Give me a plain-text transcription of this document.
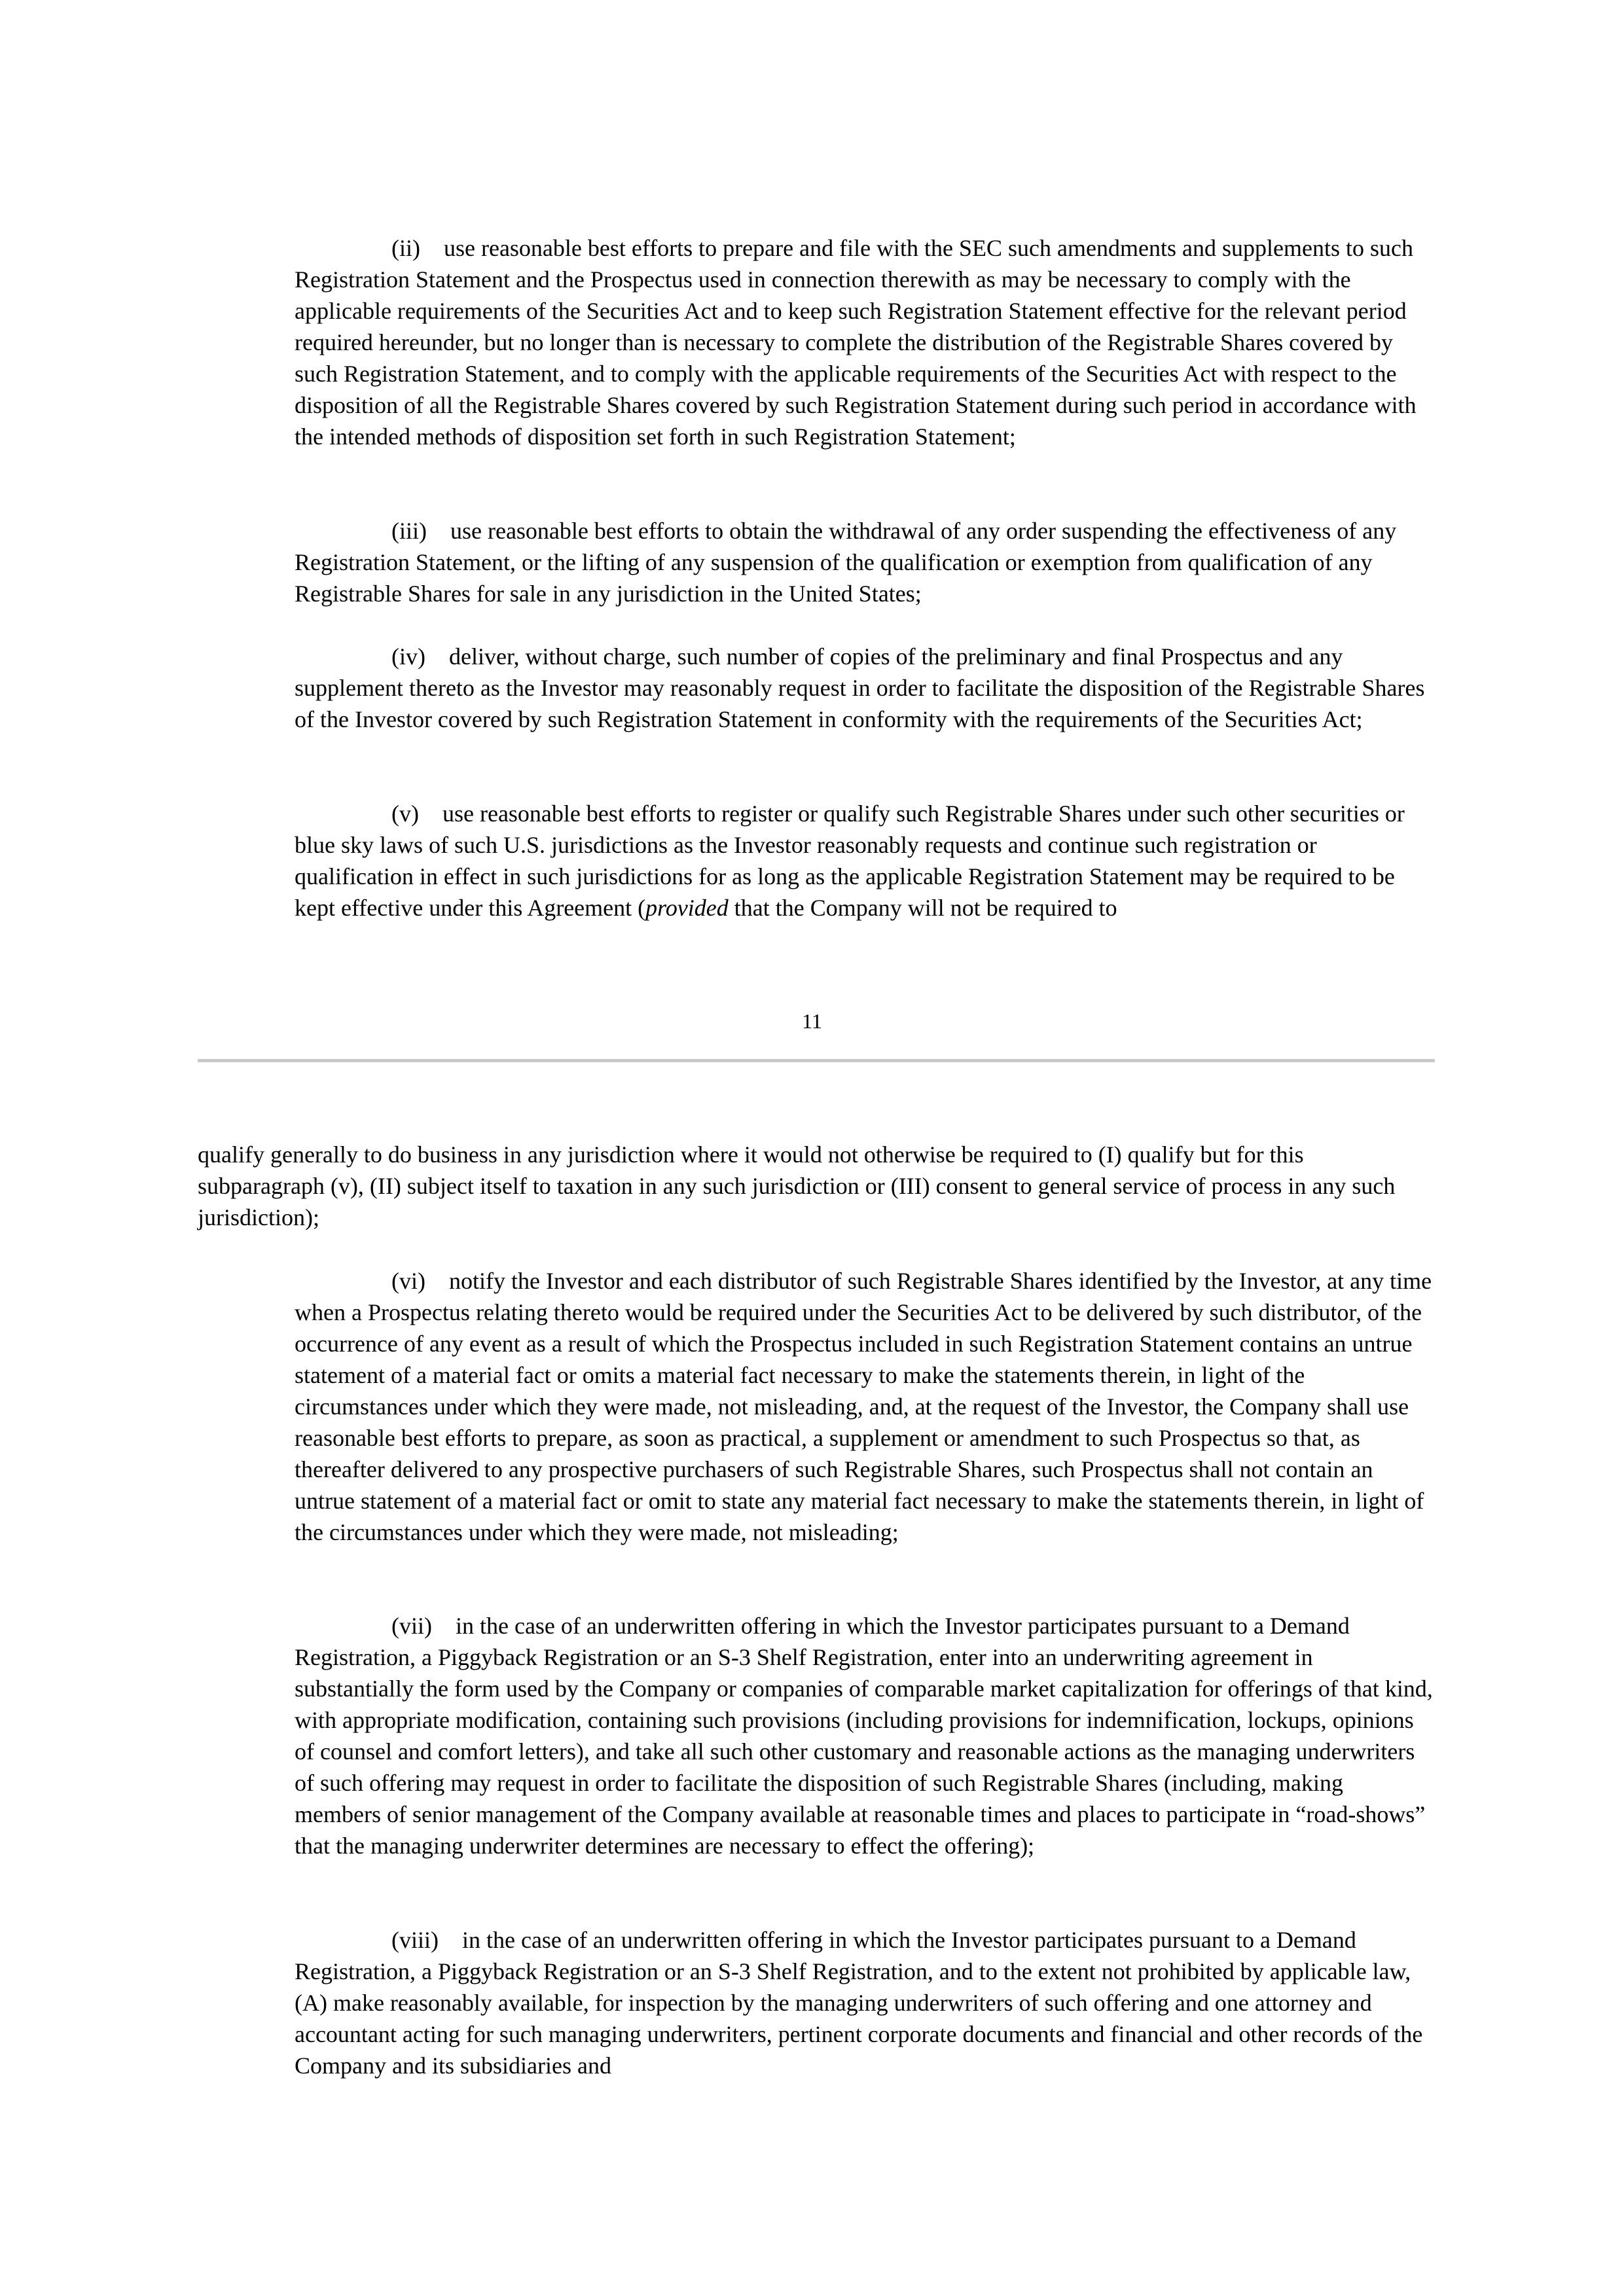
(ii) use reasonable best efforts to prepare and file with the SEC such amendments and supplements to such Registration Statement and the Prospectus used in connection therewith as may be necessary to comply with the applicable requirements of the Securities Act and to keep such Registration Statement effective for the relevant period required hereunder, but no longer than is necessary to complete the distribution of the Registrable Shares covered by such Registration Statement, and to comply with the applicable requirements of the Securities Act with respect to the disposition of all the Registrable Shares covered by such Registration Statement during such period in accordance with the intended methods of disposition set forth in such Registration Statement;

(iii) use reasonable best efforts to obtain the withdrawal of any order suspending the effectiveness of any Registration Statement, or the lifting of any suspension of the qualification or exemption from qualification of any Registrable Shares for sale in any jurisdiction in the United States;

(iv) deliver, without charge, such number of copies of the preliminary and final Prospectus and any supplement thereto as the Investor may reasonably request in order to facilitate the disposition of the Registrable Shares of the Investor covered by such Registration Statement in conformity with the requirements of the Securities Act;

(v) use reasonable best efforts to register or qualify such Registrable Shares under such other securities or blue sky laws of such U.S. jurisdictions as the Investor reasonably requests and continue such registration or qualification in effect in such jurisdictions for as long as the applicable Registration Statement may be required to be kept effective under this Agreement (provided that the Company will not be required to

11

qualify generally to do business in any jurisdiction where it would not otherwise be required to (I) qualify but for this subparagraph (v), (II) subject itself to taxation in any such jurisdiction or (III) consent to general service of process in any such jurisdiction);

(vi) notify the Investor and each distributor of such Registrable Shares identified by the Investor, at any time when a Prospectus relating thereto would be required under the Securities Act to be delivered by such distributor, of the occurrence of any event as a result of which the Prospectus included in such Registration Statement contains an untrue statement of a material fact or omits a material fact necessary to make the statements therein, in light of the circumstances under which they were made, not misleading, and, at the request of the Investor, the Company shall use reasonable best efforts to prepare, as soon as practical, a supplement or amendment to such Prospectus so that, as thereafter delivered to any prospective purchasers of such Registrable Shares, such Prospectus shall not contain an untrue statement of a material fact or omit to state any material fact necessary to make the statements therein, in light of the circumstances under which they were made, not misleading;

(vii) in the case of an underwritten offering in which the Investor participates pursuant to a Demand Registration, a Piggyback Registration or an S-3 Shelf Registration, enter into an underwriting agreement in substantially the form used by the Company or companies of comparable market capitalization for offerings of that kind, with appropriate modification, containing such provisions (including provisions for indemnification, lockups, opinions of counsel and comfort letters), and take all such other customary and reasonable actions as the managing underwriters of such offering may request in order to facilitate the disposition of such Registrable Shares (including, making members of senior management of the Company available at reasonable times and places to participate in “road-shows” that the managing underwriter determines are necessary to effect the offering);

(viii) in the case of an underwritten offering in which the Investor participates pursuant to a Demand Registration, a Piggyback Registration or an S-3 Shelf Registration, and to the extent not prohibited by applicable law, (A) make reasonably available, for inspection by the managing underwriters of such offering and one attorney and accountant acting for such managing underwriters, pertinent corporate documents and financial and other records of the Company and its subsidiaries and
